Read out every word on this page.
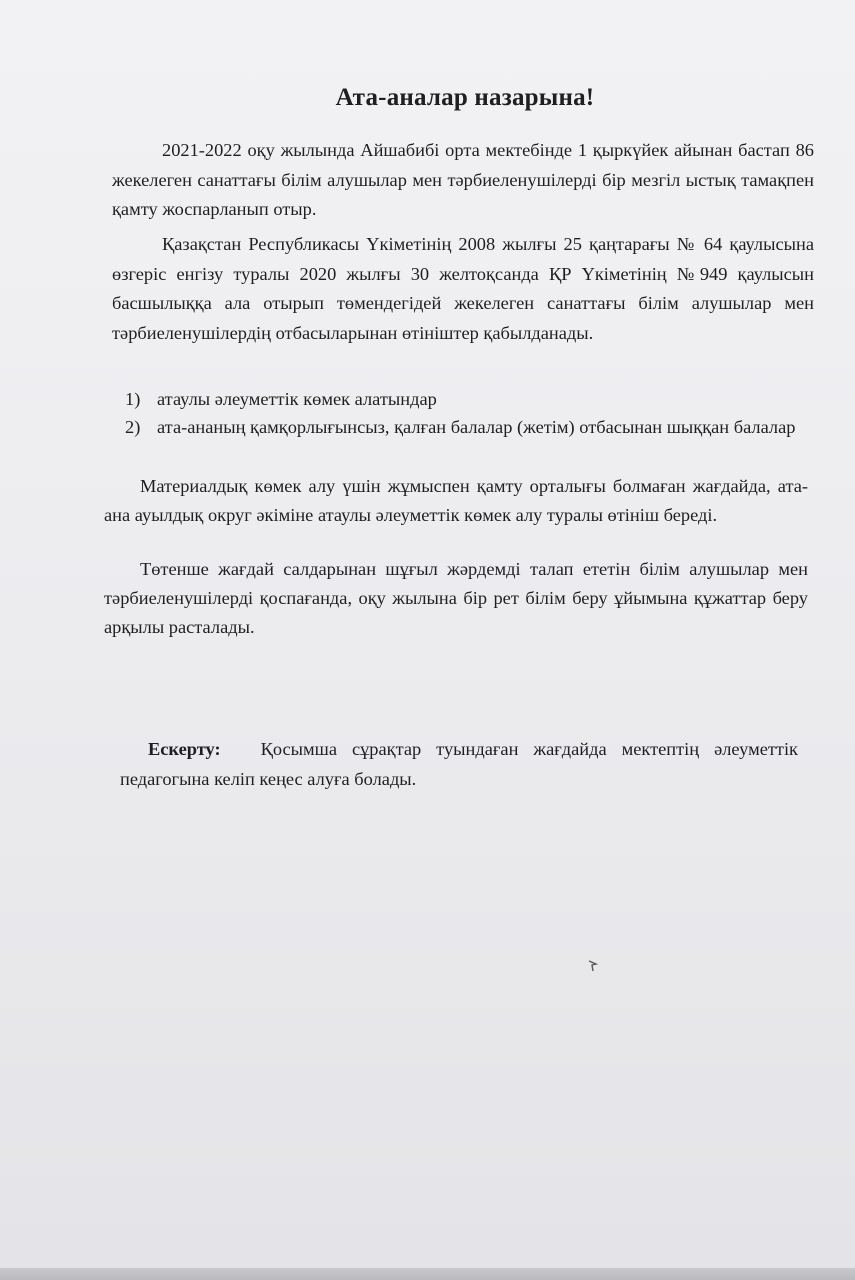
Ата-аналар назарына!

2021-2022 оқу жылында Айшабибі орта мектебінде 1 қыркүйек айынан бастап 86 жекелеген санаттағы білім алушылар мен тәрбиеленушілерді бір мезгіл ыстық тамақпен қамту жоспарланып отыр.

Қазақстан Республикасы Үкіметінің 2008 жылғы 25 қаңтарағы № 64 қаулысына өзгеріс енгізу туралы 2020 жылғы 30 желтоқсанда ҚР Үкіметінің №949 қаулысын басшылыққа ала отырып төмендегідей жекелеген санаттағы білім алушылар мен тәрбиеленушілердің отбасыларынан өтініштер қабылданады.

1) атаулы әлеуметтік көмек алатындар
2) ата-ананың қамқорлығынсыз, қалған балалар (жетім) отбасынан шыққан балалар

Материалдық көмек алу үшін жұмыспен қамту орталығы болмаған жағдайда, ата-ана ауылдық округ әкіміне атаулы әлеуметтік көмек алу туралы өтініш береді.

Төтенше жағдай салдарынан шұғыл жәрдемді талап ететін білім алушылар мен тәрбиеленушілерді қоспағанда, оқу жылына бір рет білім беру ұйымына құжаттар беру арқылы расталады.

Ескерту: Қосымша сұрақтар туындаған жағдайда мектептің әлеуметтік педагогына келіп кеңес алуға болады.
